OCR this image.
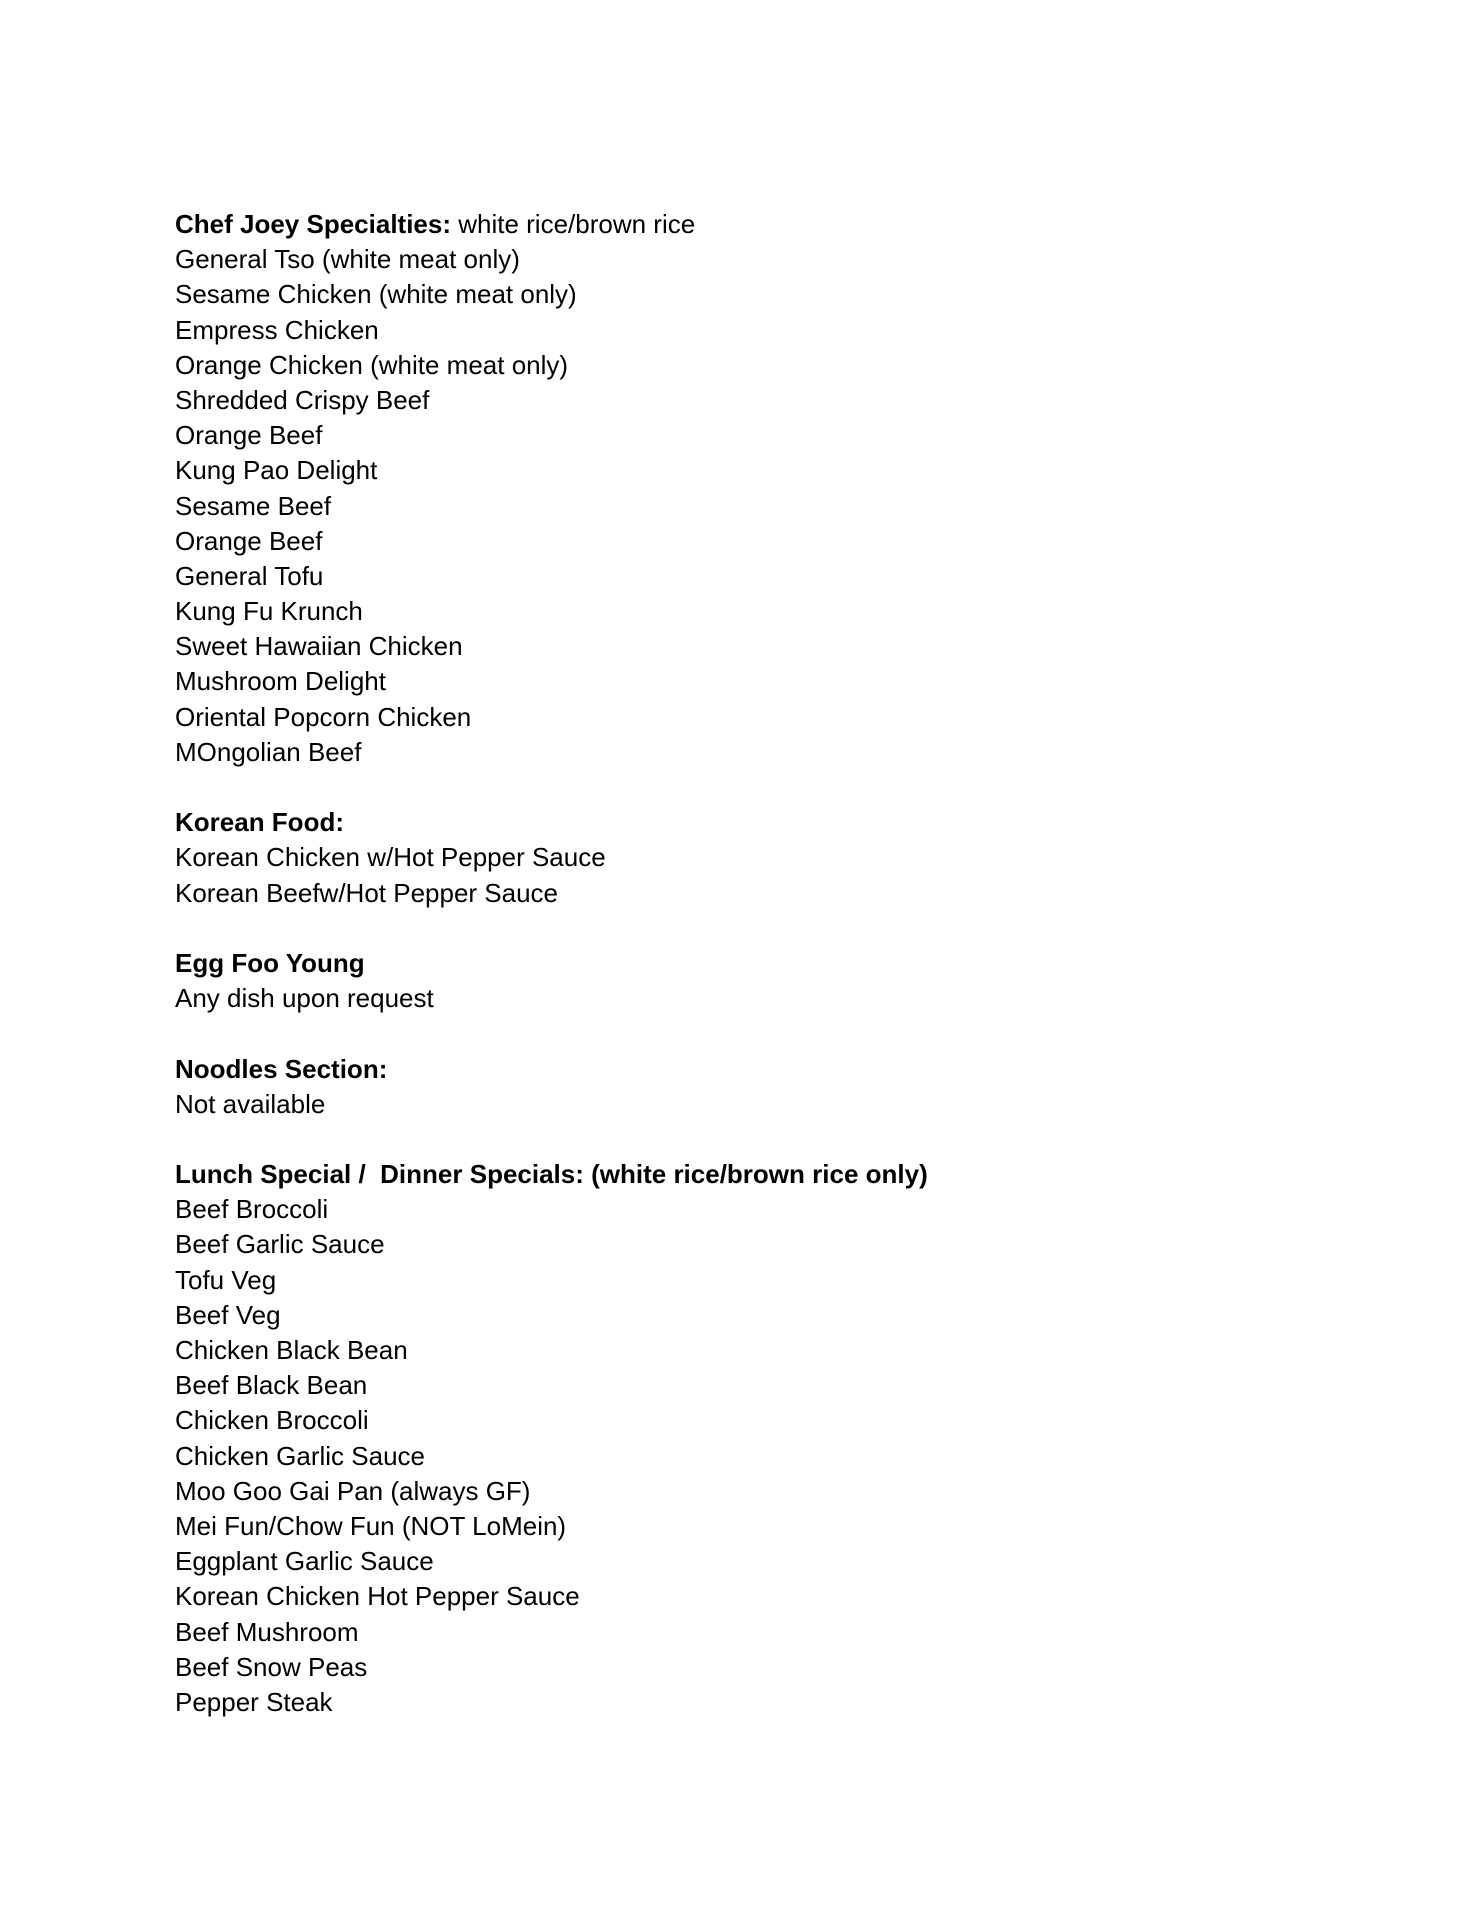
Chef Joey Specialties: white rice/brown rice
General Tso (white meat only)
Sesame Chicken (white meat only)
Empress Chicken
Orange Chicken (white meat only)
Shredded Crispy Beef
Orange Beef
Kung Pao Delight
Sesame Beef
Orange Beef
General Tofu
Kung Fu Krunch
Sweet Hawaiian Chicken
Mushroom Delight
Oriental Popcorn Chicken
MOngolian Beef
Korean Food:
Korean Chicken w/Hot Pepper Sauce
Korean Beefw/Hot Pepper Sauce
Egg Foo Young
Any dish upon request
Noodles Section:
Not available
Lunch Special /  Dinner Specials: (white rice/brown rice only)
Beef Broccoli
Beef Garlic Sauce
Tofu Veg
Beef Veg
Chicken Black Bean
Beef Black Bean
Chicken Broccoli
Chicken Garlic Sauce
Moo Goo Gai Pan (always GF)
Mei Fun/Chow Fun (NOT LoMein)
Eggplant Garlic Sauce
Korean Chicken Hot Pepper Sauce
Beef Mushroom
Beef Snow Peas
Pepper Steak
